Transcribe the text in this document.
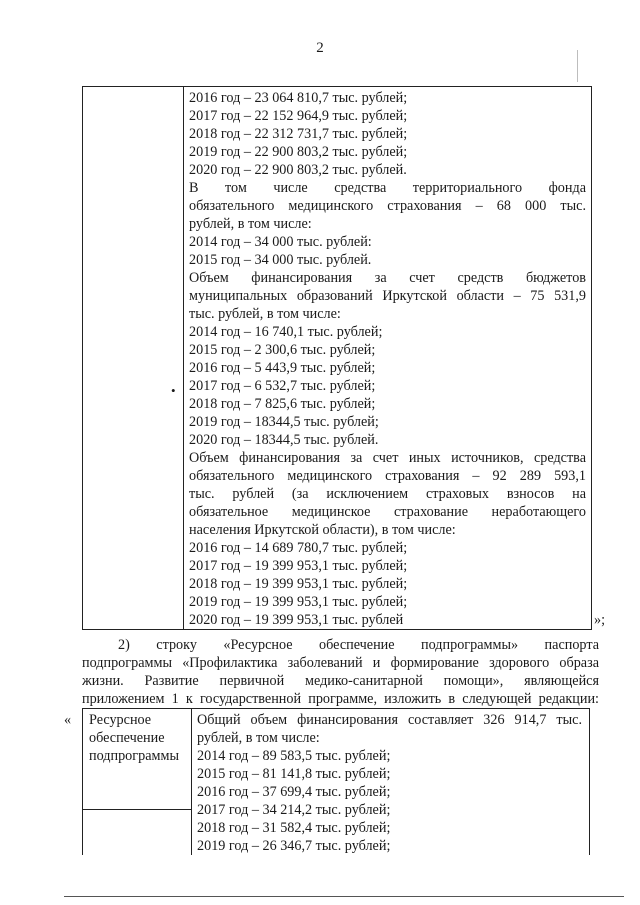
2
•
2016 год – 23 064 810,7 тыс. рублей;
2017 год – 22 152 964,9 тыс. рублей;
2018 год – 22 312 731,7 тыс. рублей;
2019 год – 22 900 803,2 тыс. рублей;
2020 год – 22 900 803,2 тыс. рублей.
В том числе средства территориального фонда
обязательного медицинского страхования – 68 000 тыс.
рублей, в том числе:
2014 год – 34 000 тыс. рублей:
2015 год – 34 000 тыс. рублей.
Объем финансирования за счет средств бюджетов
муниципальных образований Иркутской области – 75 531,9
тыс. рублей, в том числе:
2014 год – 16 740,1 тыс. рублей;
2015 год – 2 300,6 тыс. рублей;
2016 год – 5 443,9 тыс. рублей;
2017 год – 6 532,7 тыс. рублей;
2018 год – 7 825,6 тыс. рублей;
2019 год – 18344,5 тыс. рублей;
2020 год – 18344,5 тыс. рублей.
Объем финансирования за счет иных источников, средства
обязательного медицинского страхования – 92 289 593,1
тыс. рублей (за исключением страховых взносов на
обязательное медицинское страхование неработающего
населения Иркутской области), в том числе:
2016 год – 14 689 780,7 тыс. рублей;
2017 год – 19 399 953,1 тыс. рублей;
2018 год – 19 399 953,1 тыс. рублей;
2019 год – 19 399 953,1 тыс. рублей;
2020 год – 19 399 953,1 тыс. рублей	»;
2) строку «Ресурсное обеспечение подпрограммы» паспорта
подпрограммы «Профилактика заболеваний и формирование здорового образа
жизни. Развитие первичной медико-санитарной помощи», являющейся
приложением 1 к государственной программе, изложить в следующей редакции:
« Ресурсное
обеспечение
подпрограммы
Общий объем финансирования составляет 326 914,7 тыс.
рублей, в том числе:
2014 год – 89 583,5 тыс. рублей;
2015 год – 81 141,8 тыс. рублей;
2016 год – 37 699,4 тыс. рублей;
2017 год – 34 214,2 тыс. рублей;
2018 год – 31 582,4 тыс. рублей;
2019 год – 26 346,7 тыс. рублей;
